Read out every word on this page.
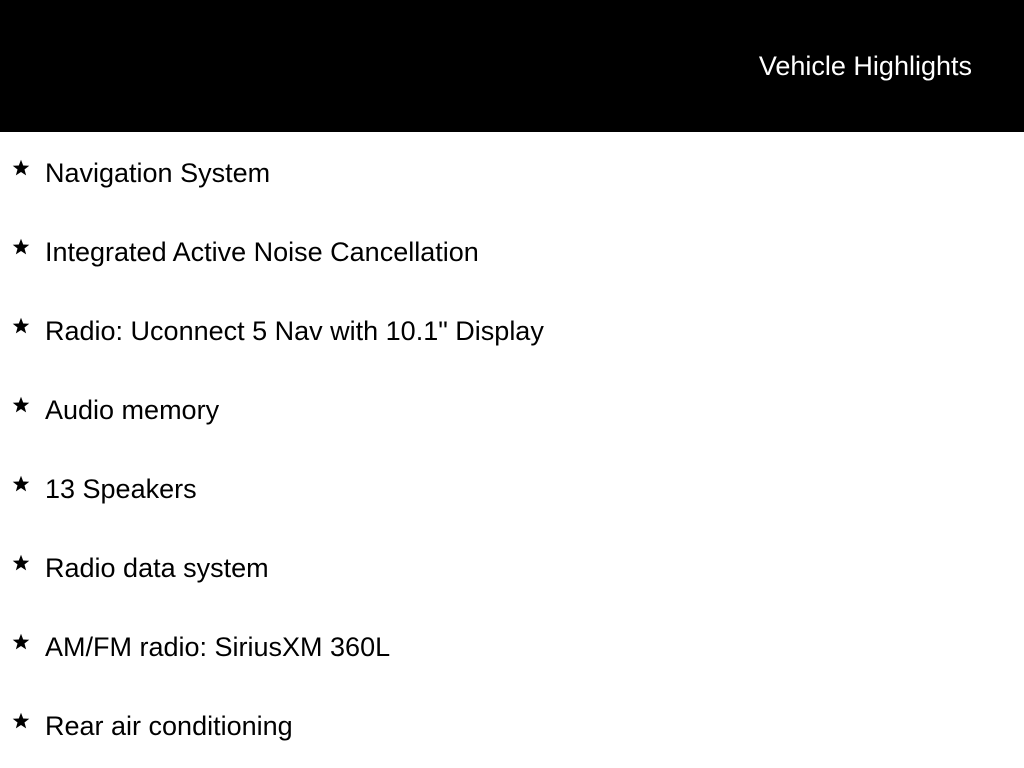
Vehicle Highlights
Navigation System
Integrated Active Noise Cancellation
Radio: Uconnect 5 Nav with 10.1" Display
Audio memory
13 Speakers
Radio data system
AM/FM radio: SiriusXM 360L
Rear air conditioning
